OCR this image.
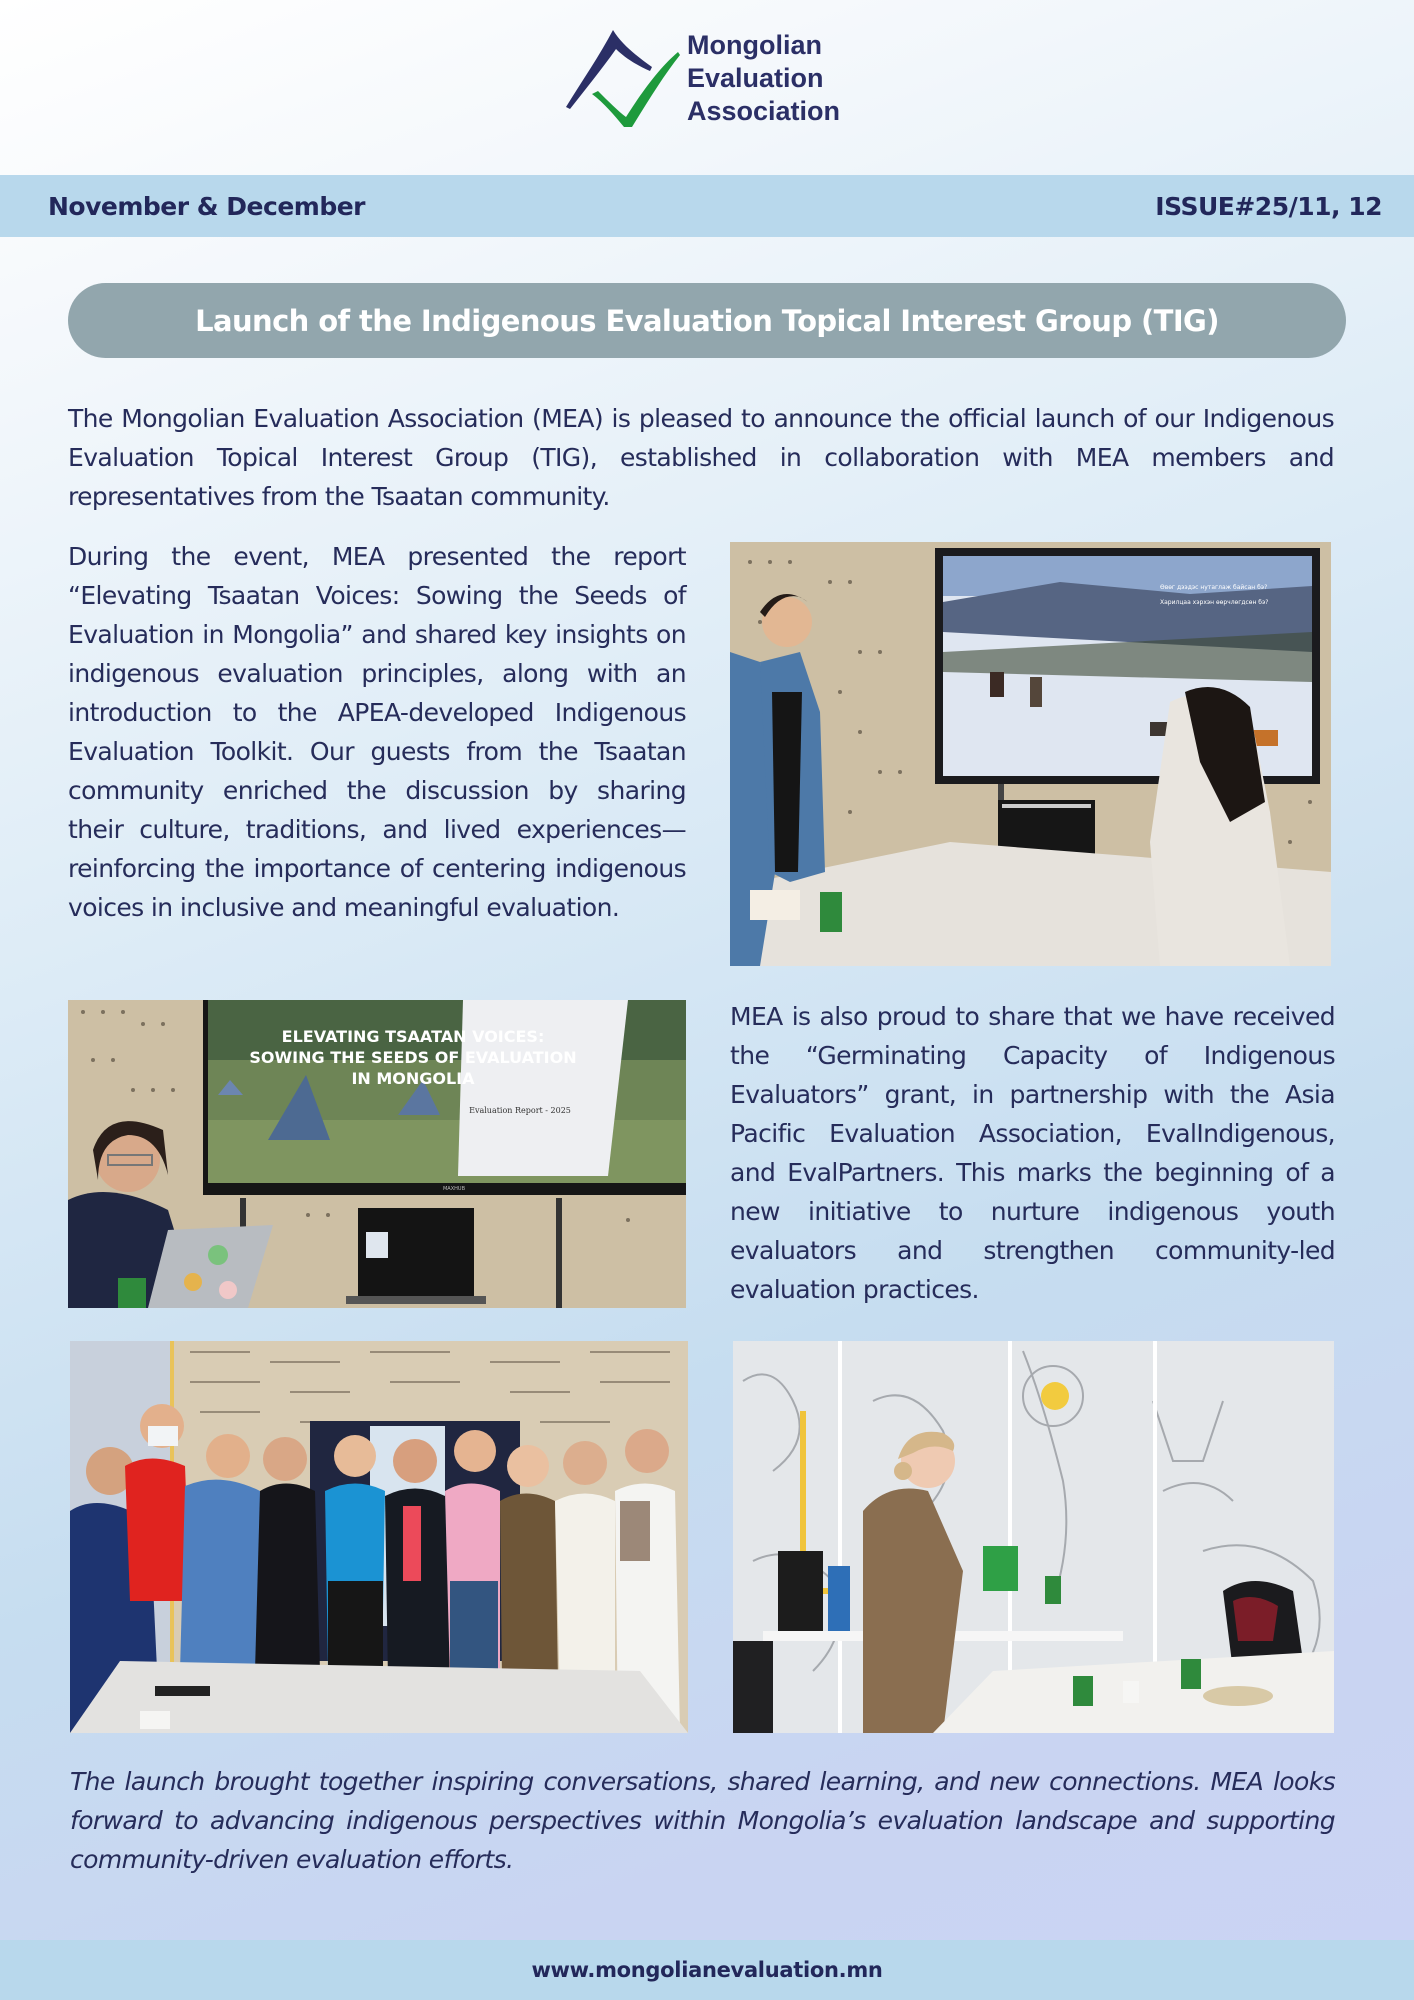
Mongolian
Evaluation
Association
November & December	ISSUE#25/11, 12
Launch of the Indigenous Evaluation Topical Interest Group (TIG)

The Mongolian Evaluation Association (MEA) is pleased to announce the official launch of our Indigenous Evaluation Topical Interest Group (TIG), established in collaboration with MEA members and representatives from the Tsaatan community.

During the event, MEA presented the report “Elevating Tsaatan Voices: Sowing the Seeds of Evaluation in Mongolia” and shared key insights on indigenous evaluation principles, along with an introduction to the APEA-developed Indigenous Evaluation Toolkit. Our guests from the Tsaatan community enriched the discussion by sharing their culture, traditions, and lived experiences—reinforcing the importance of centering indigenous voices in inclusive and meaningful evaluation.

Өвөг дээдэс нутаглаж байсан бэ?
Харилцаа хэрхэн өөрчлөгдсөн бэ?
ELEVATING TSAATAN VOICES:
SOWING THE SEEDS OF EVALUATION
IN MONGOLIA
Evaluation Report - 2025
MAXHUB

MEA is also proud to share that we have received the “Germinating Capacity of Indigenous Evaluators” grant, in partnership with the Asia Pacific Evaluation Association, EvalIndigenous, and EvalPartners. This marks the beginning of a new initiative to nurture indigenous youth evaluators and strengthen community-led evaluation practices.

The launch brought together inspiring conversations, shared learning, and new connections. MEA looks forward to advancing indigenous perspectives within Mongolia’s evaluation landscape and supporting community-driven evaluation efforts.

www.mongolianevaluation.mn
